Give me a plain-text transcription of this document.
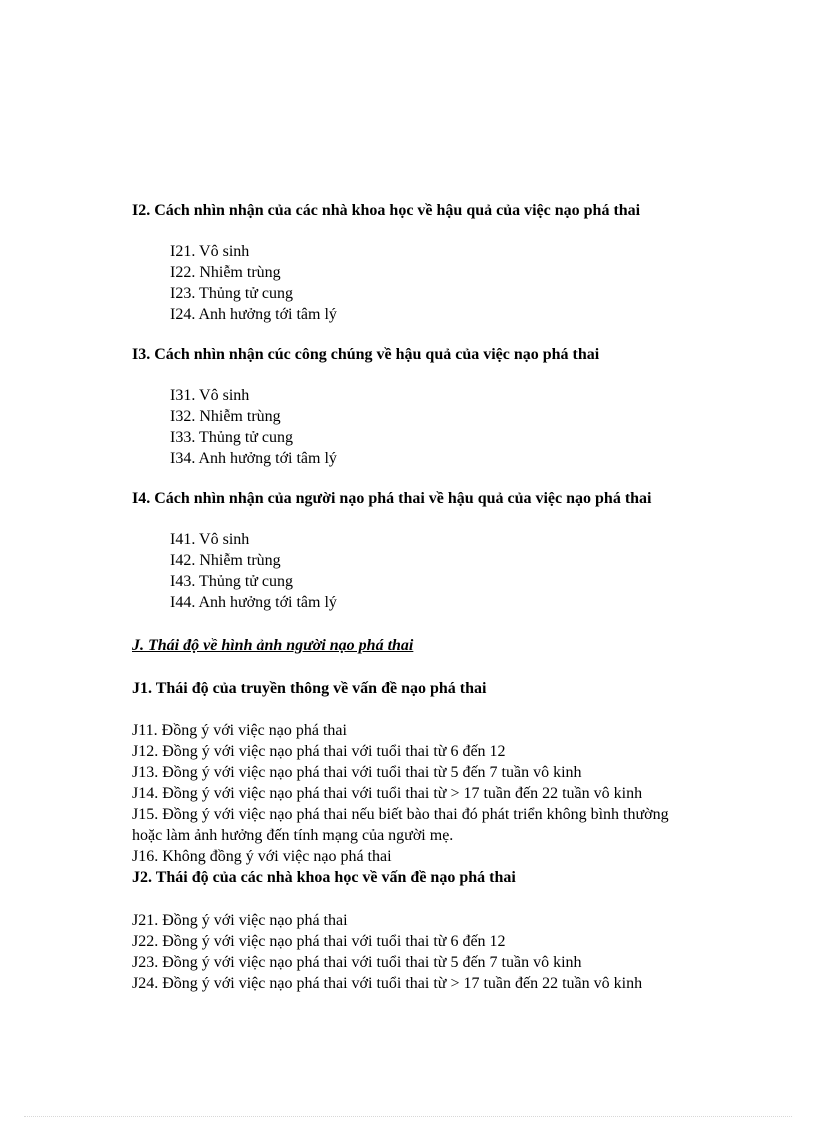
I2. Cách nhìn nhận của các nhà khoa học về hậu quả của việc nạo phá thai
I21. Vô sinh
I22. Nhiễm trùng
I23. Thủng tử cung
I24. Anh hưởng tới tâm lý
I3. Cách nhìn nhận cúc công chúng về hậu quả của việc nạo phá thai
I31. Vô sinh
I32. Nhiễm trùng
I33. Thủng tử cung
I34. Anh hưởng tới tâm lý
I4. Cách nhìn nhận của người nạo phá thai về hậu quả của việc nạo phá thai
I41. Vô sinh
I42. Nhiễm trùng
I43. Thủng tử cung
I44. Anh hưởng tới tâm lý
J. Thái độ về hình ảnh người nạo phá thai
J1. Thái độ của truyền thông về vấn đề nạo phá thai
J11. Đồng ý với việc nạo phá thai
J12. Đồng ý với việc nạo phá thai với tuổi thai từ 6 đến 12
J13. Đồng ý với việc nạo phá thai với tuổi thai từ 5 đến 7 tuần vô kinh
J14. Đồng ý với việc nạo phá thai với tuổi thai từ > 17 tuần đến 22 tuần vô kinh
J15. Đồng ý với việc nạo phá thai nếu biết bào thai đó phát triển không bình thường
hoặc làm ảnh hưởng đến tính mạng của người mẹ.
J16. Không đồng ý với việc nạo phá thai
J2. Thái độ của các nhà khoa học về vấn đề nạo phá thai
J21. Đồng ý với việc nạo phá thai
J22. Đồng ý với việc nạo phá thai với tuổi thai từ 6 đến 12
J23. Đồng ý với việc nạo phá thai với tuổi thai từ 5 đến 7 tuần vô kinh
J24. Đồng ý với việc nạo phá thai với tuổi thai từ > 17 tuần đến 22 tuần vô kinh
